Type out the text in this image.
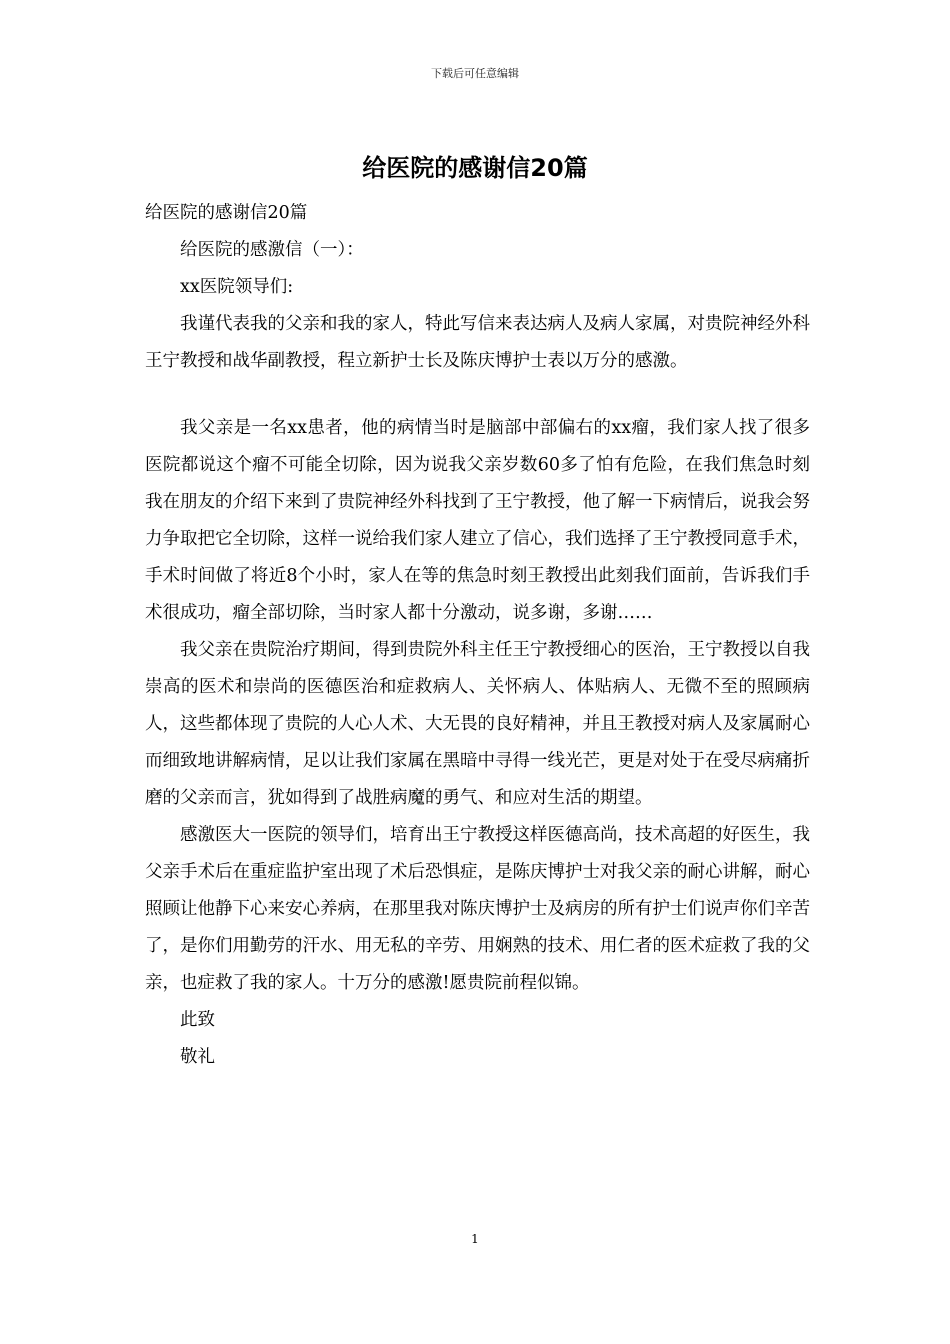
下载后可任意编辑
给医院的感谢信20篇

给医院的感谢信20篇

给医院的感激信（一）：

xx医院领导们:

我谨代表我的父亲和我的家人，特此写信来表达病人及病人家属，对贵院神经外科王宁教授和战华副教授，程立新护士长及陈庆博护士表以万分的感激。

我父亲是一名xx患者，他的病情当时是脑部中部偏右的xx瘤，我们家人找了很多医院都说这个瘤不可能全切除，因为说我父亲岁数60多了怕有危险，在我们焦急时刻我在朋友的介绍下来到了贵院神经外科找到了王宁教授，他了解一下病情后，说我会努力争取把它全切除，这样一说给我们家人建立了信心，我们选择了王宁教授同意手术，手术时间做了将近8个小时，家人在等的焦急时刻王教授出此刻我们面前，告诉我们手术很成功，瘤全部切除，当时家人都十分激动，说多谢，多谢……

我父亲在贵院治疗期间，得到贵院外科主任王宁教授细心的医治，王宁教授以自我崇高的医术和崇尚的医德医治和症救病人、关怀病人、体贴病人、无微不至的照顾病人，这些都体现了贵院的人心人术、大无畏的良好精神，并且王教授对病人及家属耐心而细致地讲解病情，足以让我们家属在黑暗中寻得一线光芒，更是对处于在受尽病痛折磨的父亲而言，犹如得到了战胜病魔的勇气、和应对生活的期望。

感激医大一医院的领导们，培育出王宁教授这样医德高尚，技术高超的好医生，我父亲手术后在重症监护室出现了术后恐惧症，是陈庆博护士对我父亲的耐心讲解，耐心照顾让他静下心来安心养病，在那里我对陈庆博护士及病房的所有护士们说声你们辛苦了，是你们用勤劳的汗水、用无私的辛劳、用娴熟的技术、用仁者的医术症救了我的父亲，也症救了我的家人。十万分的感激!愿贵院前程似锦。

此致

敬礼

1
